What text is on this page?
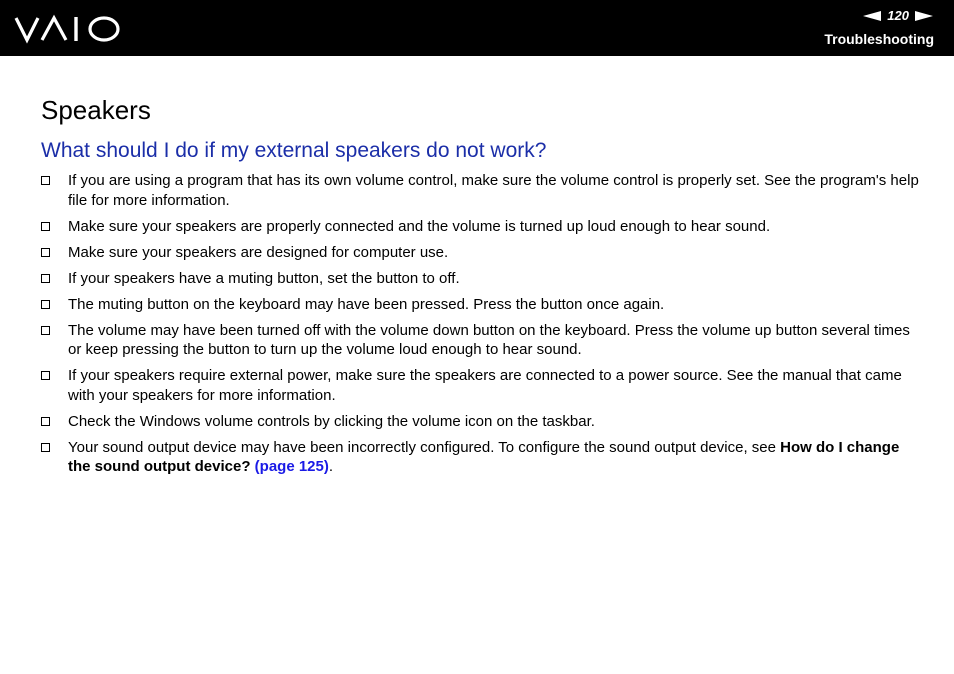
120
Troubleshooting
Speakers
What should I do if my external speakers do not work?
If you are using a program that has its own volume control, make sure the volume control is properly set. See the program's help file for more information.
Make sure your speakers are properly connected and the volume is turned up loud enough to hear sound.
Make sure your speakers are designed for computer use.
If your speakers have a muting button, set the button to off.
The muting button on the keyboard may have been pressed. Press the button once again.
The volume may have been turned off with the volume down button on the keyboard. Press the volume up button several times or keep pressing the button to turn up the volume loud enough to hear sound.
If your speakers require external power, make sure the speakers are connected to a power source. See the manual that came with your speakers for more information.
Check the Windows volume controls by clicking the volume icon on the taskbar.
Your sound output device may have been incorrectly configured. To configure the sound output device, see How do I change the sound output device? (page 125).
